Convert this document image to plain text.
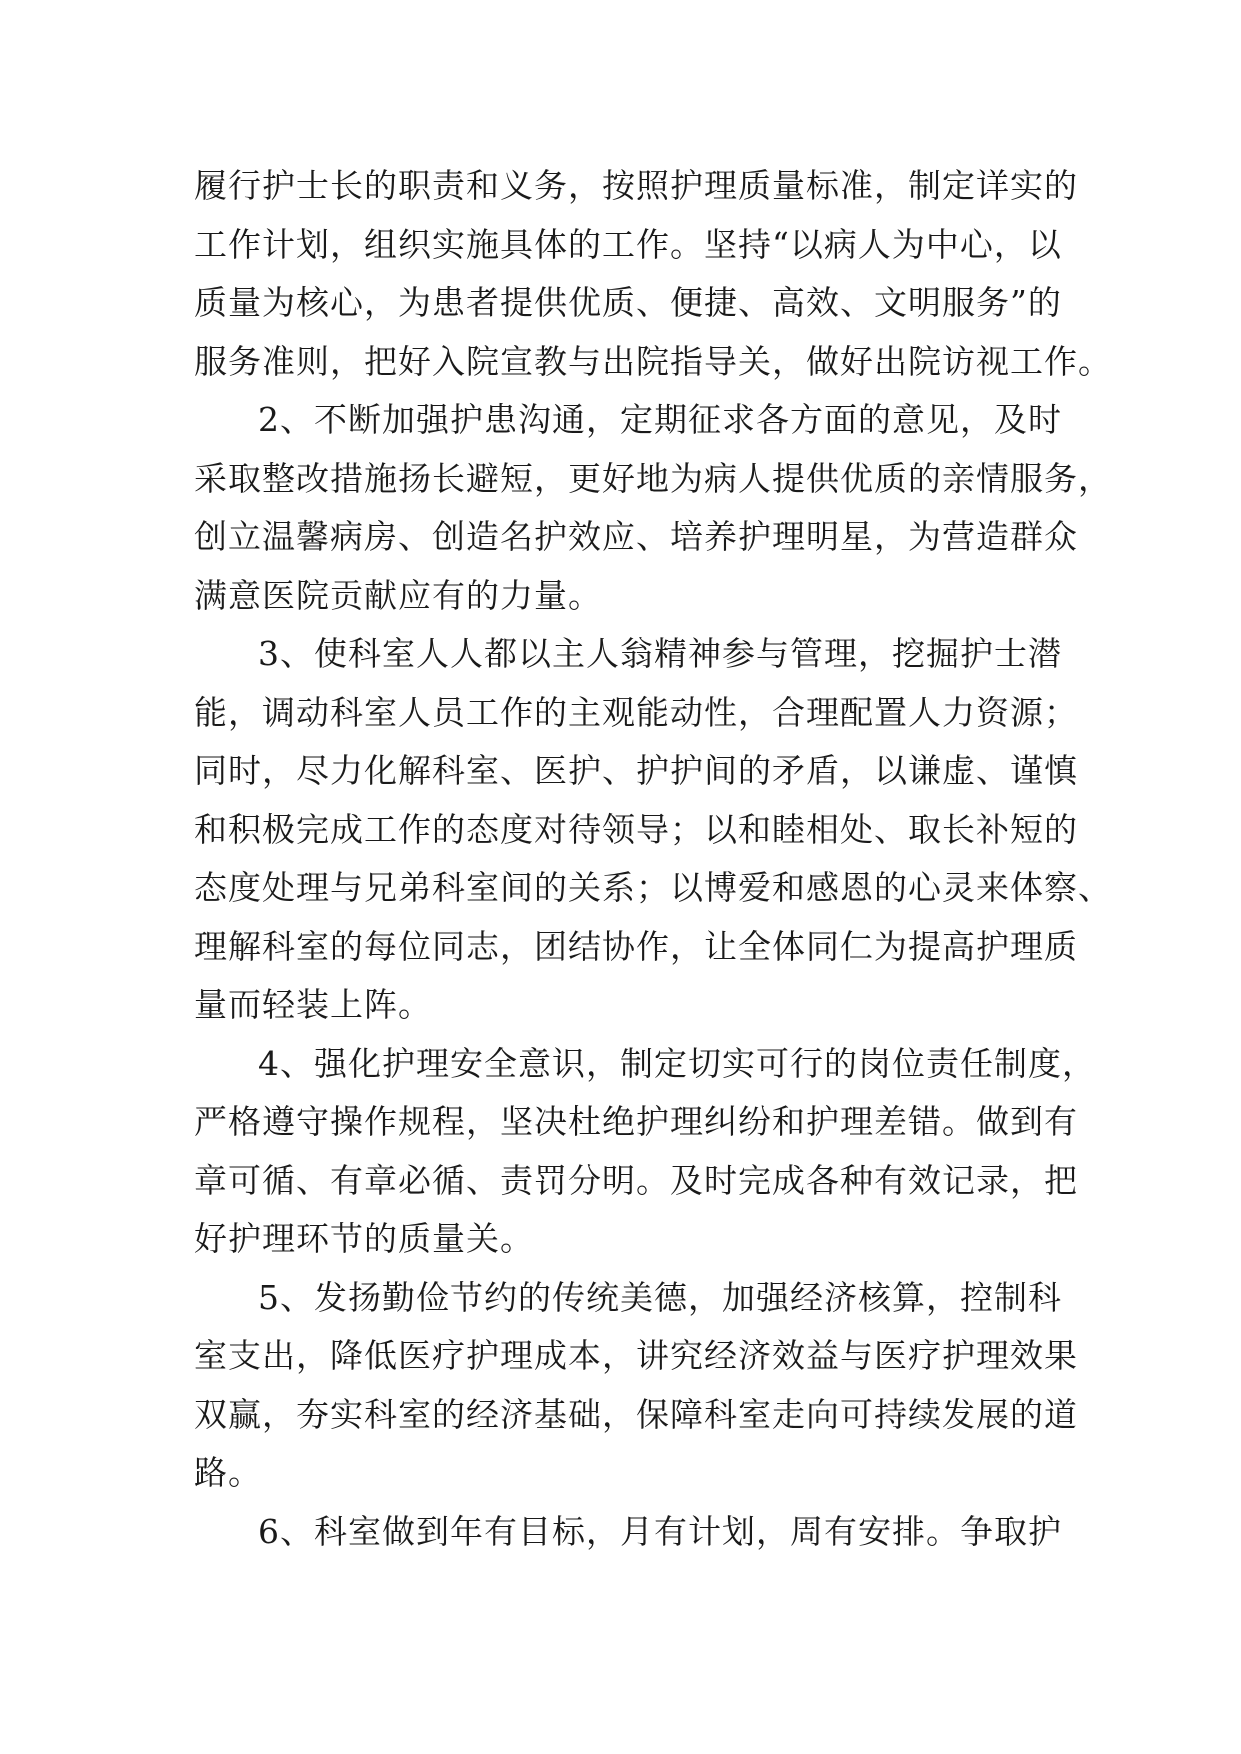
履行护士长的职责和义务，按照护理质量标准，制定详实的
工作计划，组织实施具体的工作。坚持“以病人为中心，以
质量为核心，为患者提供优质、便捷、高效、文明服务”的
服务准则，把好入院宣教与出院指导关，做好出院访视工作。
2、不断加强护患沟通，定期征求各方面的意见，及时
采取整改措施扬长避短，更好地为病人提供优质的亲情服务，
创立温馨病房、创造名护效应、培养护理明星，为营造群众
满意医院贡献应有的力量。
3、使科室人人都以主人翁精神参与管理，挖掘护士潜
能，调动科室人员工作的主观能动性，合理配置人力资源；
同时，尽力化解科室、医护、护护间的矛盾，以谦虚、谨慎
和积极完成工作的态度对待领导；以和睦相处、取长补短的
态度处理与兄弟科室间的关系；以博爱和感恩的心灵来体察、
理解科室的每位同志，团结协作，让全体同仁为提高护理质
量而轻装上阵。
4、强化护理安全意识，制定切实可行的岗位责任制度，
严格遵守操作规程，坚决杜绝护理纠纷和护理差错。做到有
章可循、有章必循、责罚分明。及时完成各种有效记录，把
好护理环节的质量关。
5、发扬勤俭节约的传统美德，加强经济核算，控制科
室支出，降低医疗护理成本，讲究经济效益与医疗护理效果
双赢，夯实科室的经济基础，保障科室走向可持续发展的道
路。
6、科室做到年有目标，月有计划，周有安排。争取护
